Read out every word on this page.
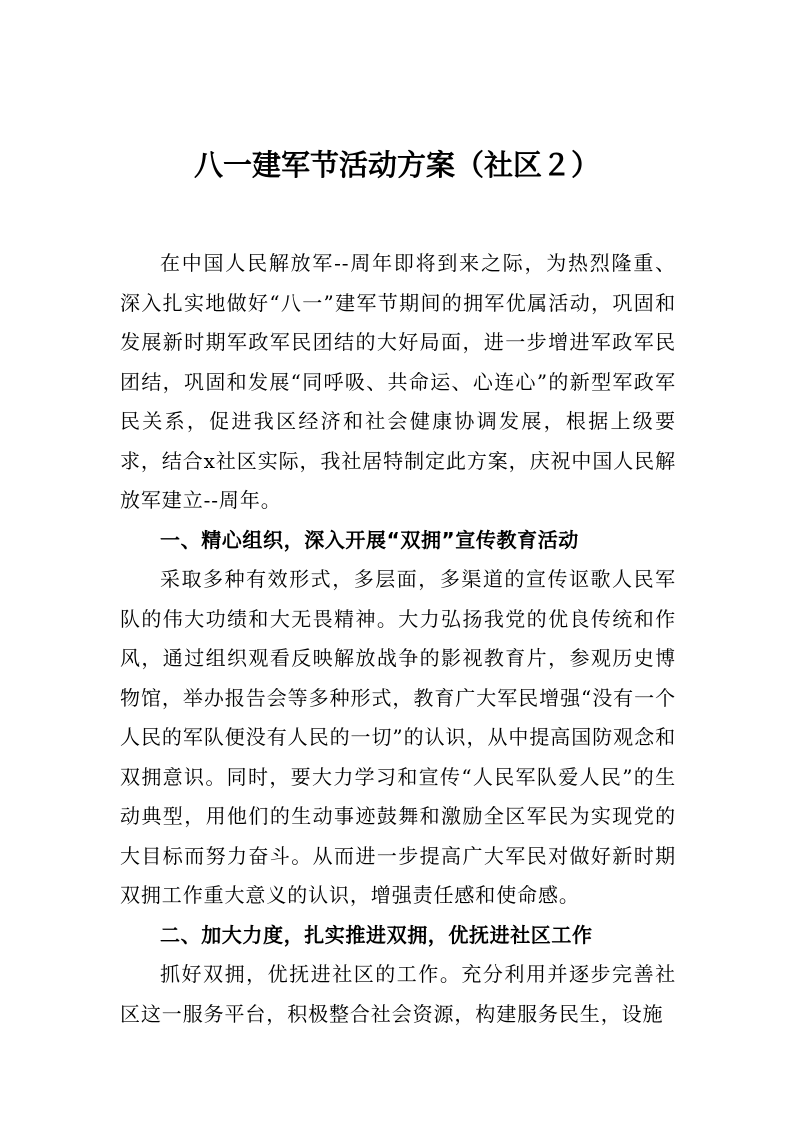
八一建军节活动方案（社区２）

在中国人民解放军--周年即将到来之际，为热烈隆重、深入扎实地做好“八一”建军节期间的拥军优属活动，巩固和发展新时期军政军民团结的大好局面，进一步增进军政军民团结，巩固和发展“同呼吸、共命运、心连心”的新型军政军民关系，促进我区经济和社会健康协调发展，根据上级要求，结合x社区实际，我社居特制定此方案，庆祝中国人民解放军建立--周年。

一、精心组织，深入开展“双拥”宣传教育活动

采取多种有效形式，多层面，多渠道的宣传讴歌人民军队的伟大功绩和大无畏精神。大力弘扬我党的优良传统和作风，通过组织观看反映解放战争的影视教育片，参观历史博物馆，举办报告会等多种形式，教育广大军民增强“没有一个人民的军队便没有人民的一切”的认识，从中提高国防观念和双拥意识。同时，要大力学习和宣传“人民军队爱人民”的生动典型，用他们的生动事迹鼓舞和激励全区军民为实现党的大目标而努力奋斗。从而进一步提高广大军民对做好新时期双拥工作重大意义的认识，增强责任感和使命感。

二、加大力度，扎实推进双拥，优抚进社区工作

抓好双拥，优抚进社区的工作。充分利用并逐步完善社区这一服务平台，积极整合社会资源，构建服务民生，设施
